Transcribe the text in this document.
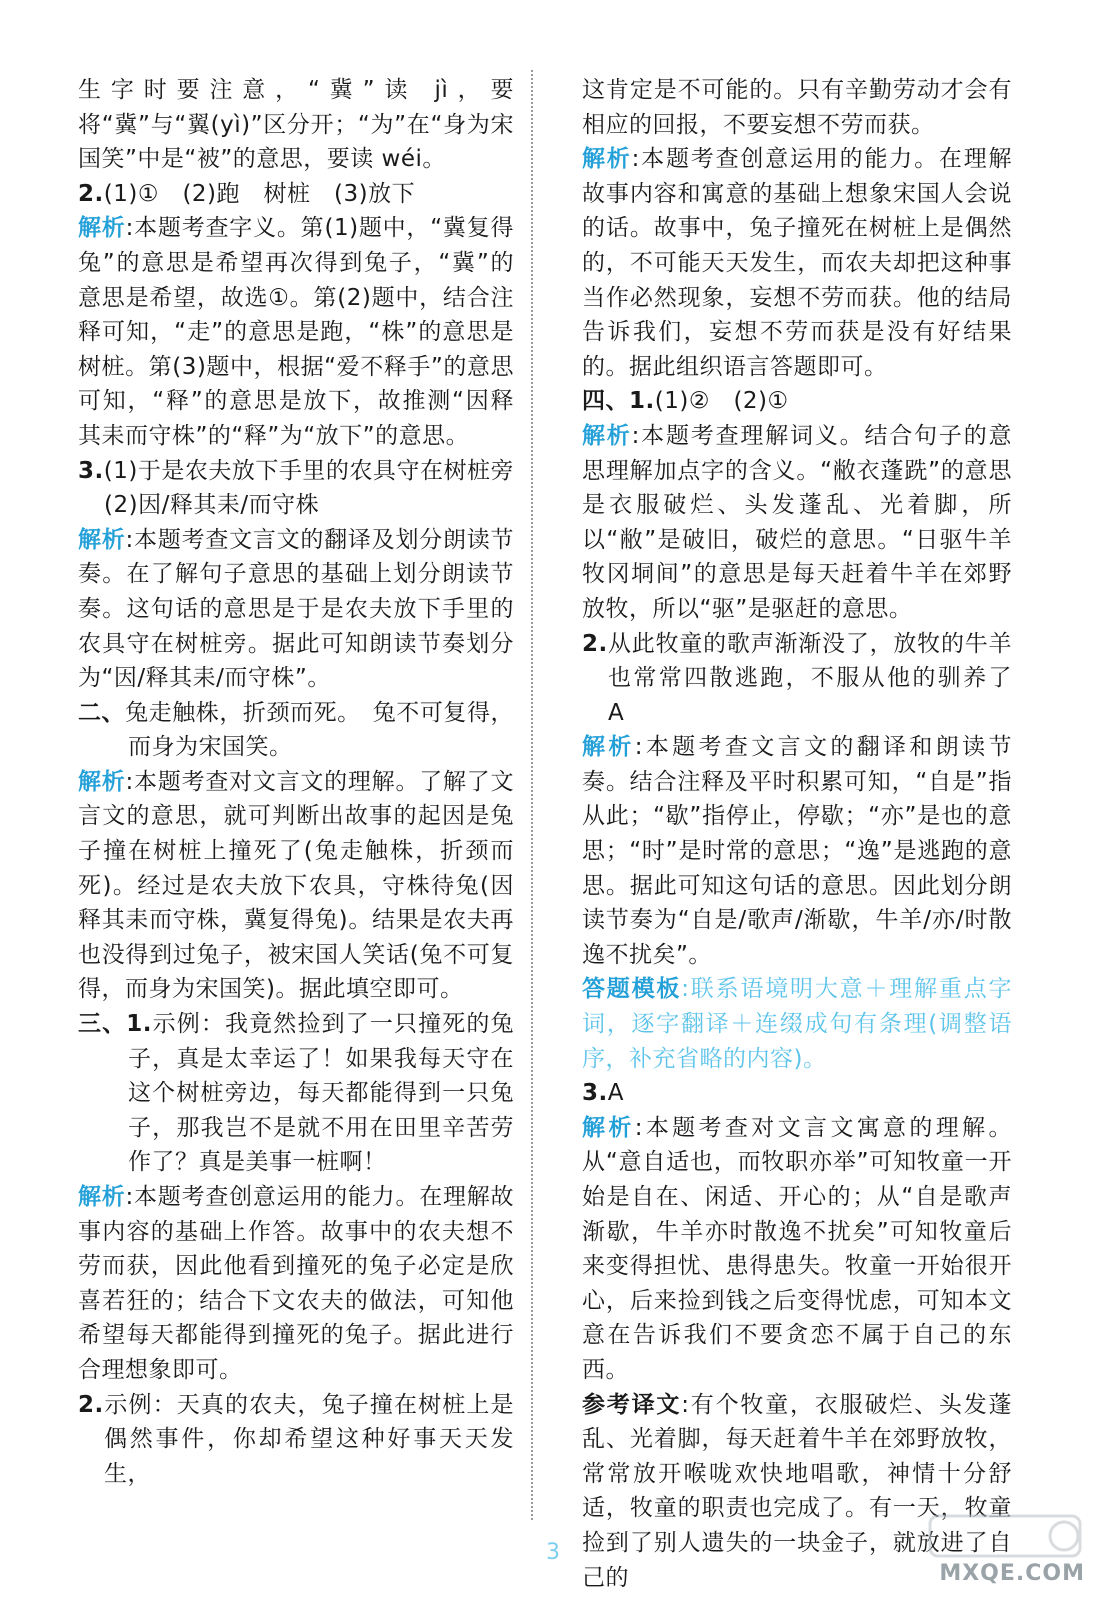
生字时要注意，“冀”读 jì，要将“冀”与“翼(yì)”区分开；“为”在“身为宋国笑”中是“被”的意思，要读 wéi。

2.(1)①　(2)跑　树桩　(3)放下

解析:本题考查字义。第(1)题中，“冀复得兔”的意思是希望再次得到兔子，“冀”的意思是希望，故选①。第(2)题中，结合注释可知，“走”的意思是跑，“株”的意思是树桩。第(3)题中，根据“爱不释手”的意思可知，“释”的意思是放下，故推测“因释其耒而守株”的“释”为“放下”的意思。

3.(1)于是农夫放下手里的农具守在树桩旁　(2)因/释其耒/而守株

解析:本题考查文言文的翻译及划分朗读节奏。在了解句子意思的基础上划分朗读节奏。这句话的意思是于是农夫放下手里的农具守在树桩旁。据此可知朗读节奏划分为“因/释其耒/而守株”。

二、兔走触株，折颈而死。　兔不可复得，而身为宋国笑。

解析:本题考查对文言文的理解。了解了文言文的意思，就可判断出故事的起因是兔子撞在树桩上撞死了(兔走触株，折颈而死)。经过是农夫放下农具，守株待兔(因释其耒而守株，冀复得兔)。结果是农夫再也没得到过兔子，被宋国人笑话(兔不可复得，而身为宋国笑)。据此填空即可。

三、1.示例：我竟然捡到了一只撞死的兔子，真是太幸运了！如果我每天守在这个树桩旁边，每天都能得到一只兔子，那我岂不是就不用在田里辛苦劳作了？真是美事一桩啊！

解析:本题考查创意运用的能力。在理解故事内容的基础上作答。故事中的农夫想不劳而获，因此他看到撞死的兔子必定是欣喜若狂的；结合下文农夫的做法，可知他希望每天都能得到撞死的兔子。据此进行合理想象即可。

2.示例：天真的农夫，兔子撞在树桩上是偶然事件，你却希望这种好事天天发生，

这肯定是不可能的。只有辛勤劳动才会有相应的回报，不要妄想不劳而获。

解析:本题考查创意运用的能力。在理解故事内容和寓意的基础上想象宋国人会说的话。故事中，兔子撞死在树桩上是偶然的，不可能天天发生，而农夫却把这种事当作必然现象，妄想不劳而获。他的结局告诉我们，妄想不劳而获是没有好结果的。据此组织语言答题即可。

四、1.(1)②　(2)①

解析:本题考查理解词义。结合句子的意思理解加点字的含义。“敝衣蓬跣”的意思是衣服破烂、头发蓬乱、光着脚，所以“敝”是破旧，破烂的意思。“日驱牛羊牧冈垌间”的意思是每天赶着牛羊在郊野放牧，所以“驱”是驱赶的意思。

2.从此牧童的歌声渐渐没了，放牧的牛羊也常常四散逃跑，不服从他的驯养了　A

解析:本题考查文言文的翻译和朗读节奏。结合注释及平时积累可知，“自是”指从此；“歇”指停止，停歇；“亦”是也的意思；“时”是时常的意思；“逸”是逃跑的意思。据此可知这句话的意思。因此划分朗读节奏为“自是/歌声/渐歇，牛羊/亦/时散逸不扰矣”。

答题模板:联系语境明大意＋理解重点字词，逐字翻译＋连缀成句有条理(调整语序，补充省略的内容)。

3.A

解析:本题考查对文言文寓意的理解。从“意自适也，而牧职亦举”可知牧童一开始是自在、闲适、开心的；从“自是歌声渐歇，牛羊亦时散逸不扰矣”可知牧童后来变得担忧、患得患失。牧童一开始很开心，后来捡到钱之后变得忧虑，可知本文意在告诉我们不要贪恋不属于自己的东西。

参考译文:有个牧童，衣服破烂、头发蓬乱、光着脚，每天赶着牛羊在郊野放牧，常常放开喉咙欢快地唱歌，神情十分舒适，牧童的职责也完成了。有一天，牧童捡到了别人遗失的一块金子，就放进了自己的

3
MXQE.COM
